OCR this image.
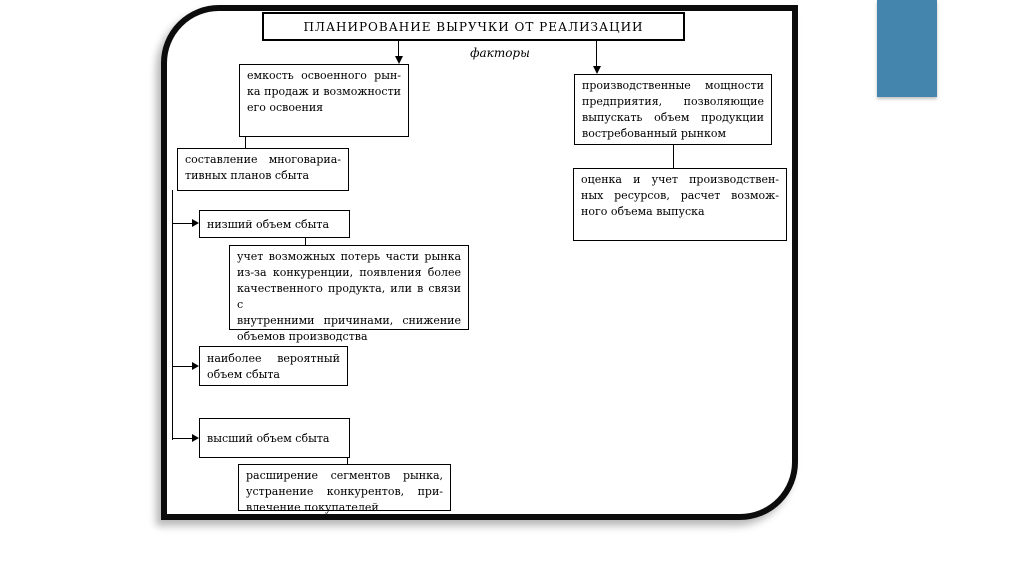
ПЛАНИРОВАНИЕ ВЫРУЧКИ ОТ РЕАЛИЗАЦИИ
факторы
емкость освоенного рын-
ка продаж и возможности
его освоения
производственные мощности
предприятия, позволяющие
выпускать объем продукции
востребованный рынком
составление многовариа-
тивных планов сбыта	оценка и учет производствен-
ных ресурсов, расчет возмож-
ного объема выпуска
низший объем сбыта
учет возможных потерь части рынка
из-за конкуренции, появления более
качественного продукта, или в связи с
внутренними причинами, снижение
объемов производства
наиболее вероятный
объем сбыта
высший объем сбыта
расширение сегментов рынка,
устранение конкурентов, при-
влечение покупателей
